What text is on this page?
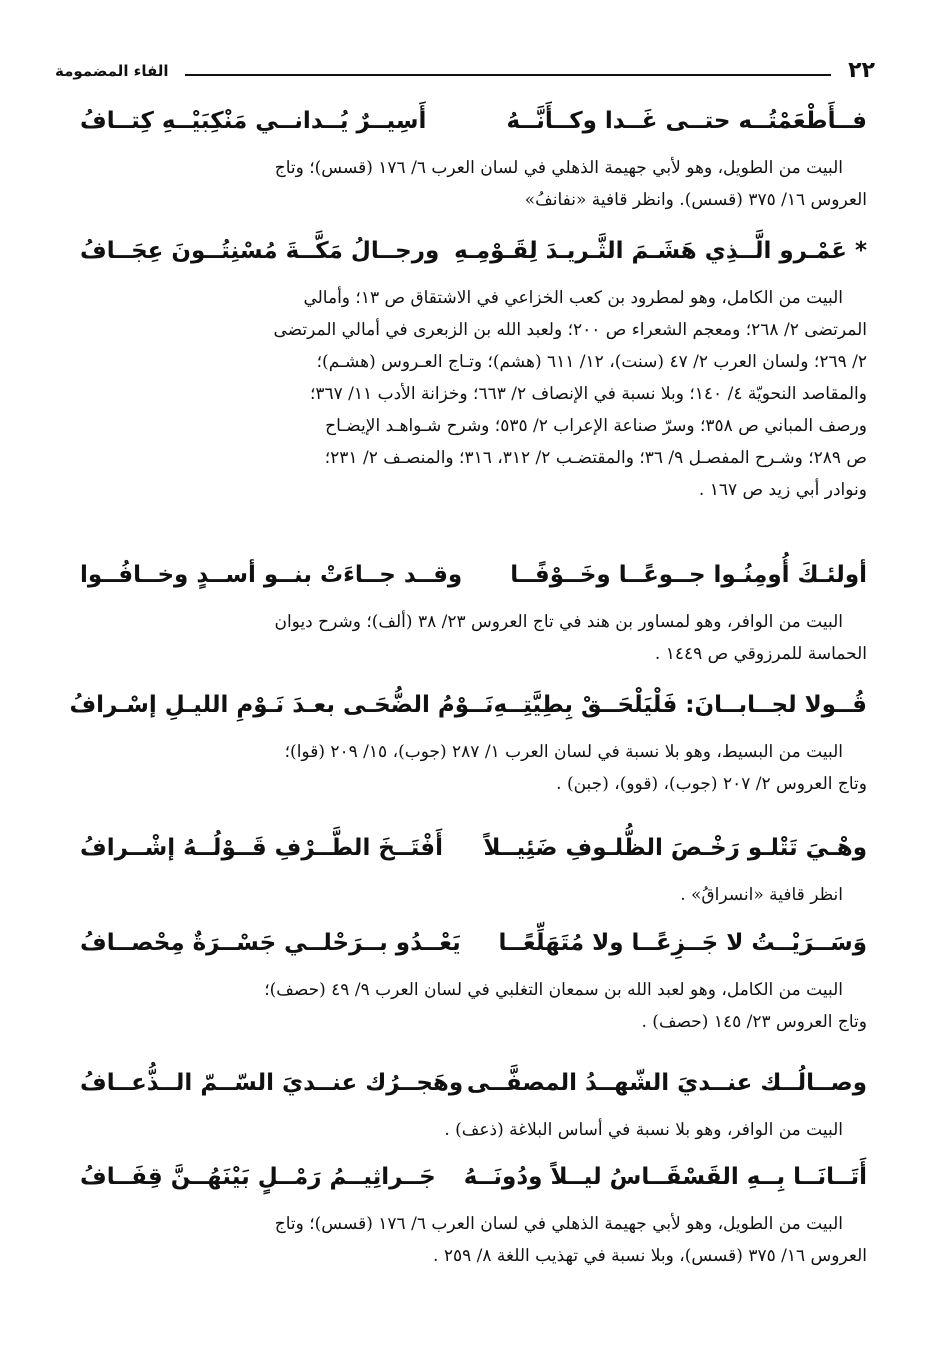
٢٢
الفاء المضمومة
فــأَطْعَمْتُــه حتــى غَــدا وكــأَنَّــهُ
أَسِيــرٌ يُــدانــي مَنْكِبَيْــهِ كِتــافُ

البيت من الطويل، وهو لأبي جهيمة الذهلي في لسان العرب ٦/ ١٧٦ (قسس)؛ وتاج

العروس ١٦/ ٣٧٥ (قسس). وانظر قافية «نفانفُ»

* عَمْـرو الَّــذِي هَشَـمَ الثَّـريـدَ لِقَـوْمِـهِ
ورجــالُ مَكَّــةَ مُسْنِتُــونَ عِجَــافُ

البيت من الكامل، وهو لمطرود بن كعب الخزاعي في الاشتقاق ص ١٣؛ وأمالي

المرتضى ٢/ ٢٦٨؛ ومعجم الشعراء ص ٢٠٠؛ ولعبد الله بن الزبعرى في أمالي المرتضى

٢/ ٢٦٩؛ ولسان العرب ٢/ ٤٧ (سنت)، ١٢/ ٦١١ (هشم)؛ وتـاج العـروس (هشـم)؛

والمقاصد النحويّة ٤/ ١٤٠؛ وبلا نسبة في الإنصاف ٢/ ٦٦٣؛ وخزانة الأدب ١١/ ٣٦٧؛

ورصف المباني ص ٣٥٨؛ وسرّ صناعة الإعراب ٢/ ٥٣٥؛ وشرح شـواهـد الإيضـاح

ص ٢٨٩؛ وشـرح المفصـل ٩/ ٣٦؛ والمقتضـب ٢/ ٣١٢، ٣١٦؛ والمنصـف ٢/ ٢٣١؛

ونوادر أبي زيد ص ١٦٧ .

أولئـكَ أُومِنُـوا جــوعًــا وخَــوْفًــا
وقــد جــاءَتْ بنــو أســدٍ وخــافُــوا

البيت من الوافر، وهو لمساور بن هند في تاج العروس ٢٣/ ٣٨ (ألف)؛ وشرح ديوان

الحماسة للمرزوقي ص ١٤٤٩ .

قُــولا لجــابــانَ: فَلْيَلْحَــقْ بِطِيَّتِــهِ
نَــوْمُ الضُّحَـى بعـدَ نَـوْمِ الليـلِ إسْـرافُ

البيت من البسيط، وهو بلا نسبة في لسان العرب ١/ ٢٨٧ (جوب)، ١٥/ ٢٠٩ (قوا)؛

وتاج العروس ٢/ ٢٠٧ (جوب)، (قوو)، (جبن) .

وهْـيَ تَتْلـو رَخْـصَ الظُّلـوفِ ضَئِيــلاً
أَفْتَــخَ الطَّــرْفِ قَــوْلُــهُ إشْــرافُ

انظر قافية «انسراقُ» .

وَسَــرَيْــتُ لا جَــزِعًــا ولا مُتَهَلِّعًــا
يَعْــدُو بــرَحْلــي جَسْــرَةٌ مِحْصــافُ

البيت من الكامل، وهو لعبد الله بن سمعان التغلبي في لسان العرب ٩/ ٤٩ (حصف)؛

وتاج العروس ٢٣/ ١٤٥ (حصف) .

وصــالُــك عنــديَ الشّهــدُ المصفَّــى
وهَجــرُك عنــديَ السّــمّ الــذُّعــافُ

البيت من الوافر، وهو بلا نسبة في أساس البلاغة (ذعف) .

أَتَــانَــا بِــهِ القَسْقَــاسُ ليــلاً ودُونَــهُ
جَــراثِيــمُ رَمْــلٍ بَيْنَهُــنَّ قِفَــافُ

البيت من الطويل، وهو لأبي جهيمة الذهلي في لسان العرب ٦/ ١٧٦ (قسس)؛ وتاج

العروس ١٦/ ٣٧٥ (قسس)، وبلا نسبة في تهذيب اللغة ٨/ ٢٥٩ .
